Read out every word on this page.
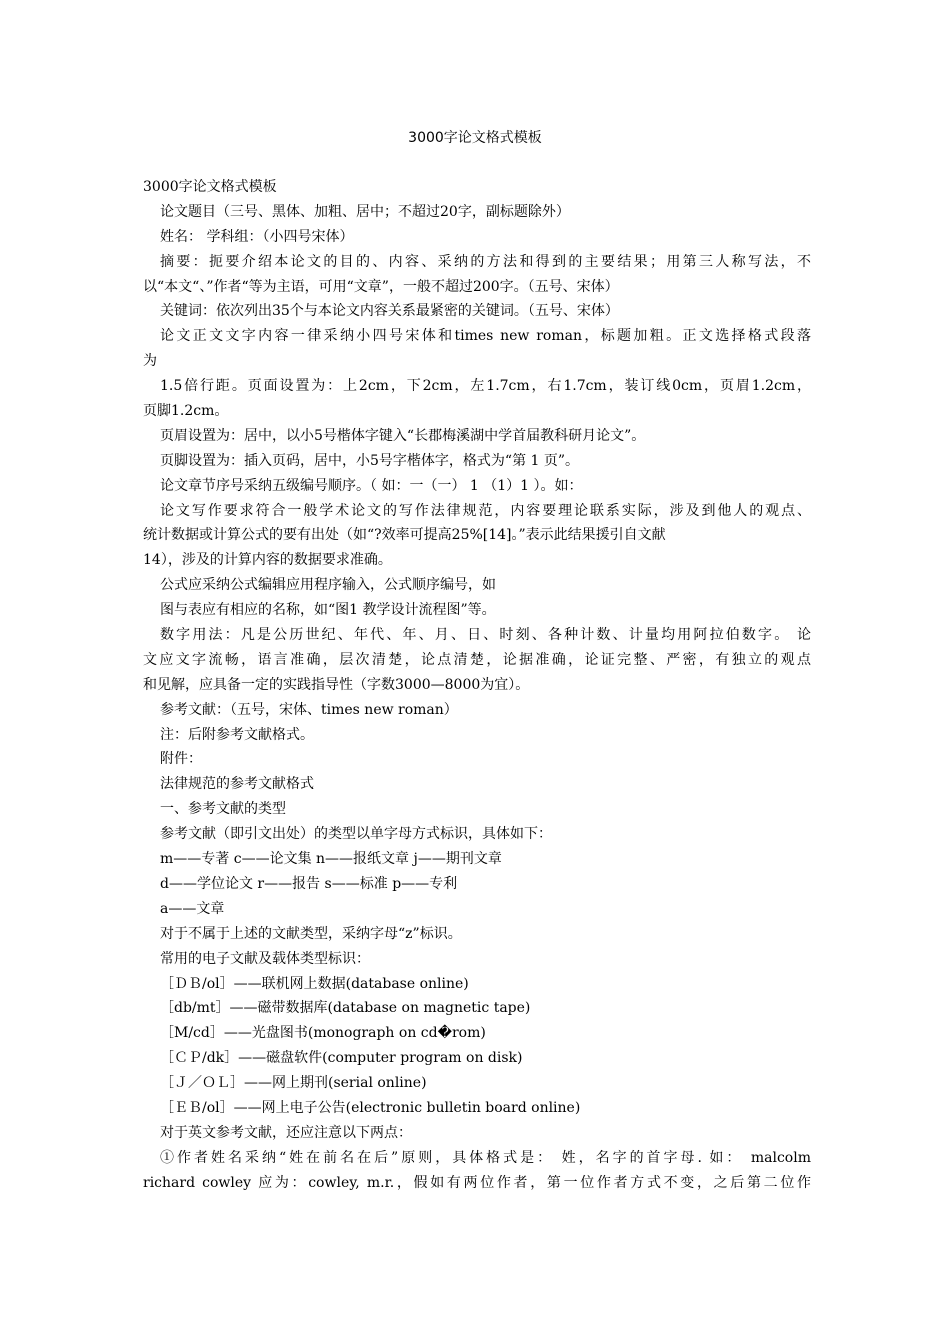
3000字论文格式模板
3000字论文格式模板
论文题目（三号、黑体、加粗、居中；不超过20字，副标题除外）
姓名： 学科组：（小四号宋体）
摘要：扼要介绍本论文的目的、内容、采纳的方法和得到的主要结果；用第三人称写法，不
以“本文“、”作者“等为主语，可用“文章”，一般不超过200字。（五号、宋体）
关键词：依次列出35个与本论文内容关系最紧密的关键词。（五号、宋体）
论文正文文字内容一律采纳小四号宋体和times new roman，标题加粗。正文选择格式段落
为
1.5倍行距。页面设置为：上2cm，下2cm，左1.7cm，右1.7cm，装订线0cm，页眉1.2cm，
页脚1.2cm。
页眉设置为：居中，以小5号楷体字键入“长郡梅溪湖中学首届教科研月论文”。
页脚设置为：插入页码，居中，小5号字楷体字，格式为“第 1 页”。
论文章节序号采纳五级编号顺序。（ 如：一（一） 1 （1）1 ）。如：
论文写作要求符合一般学术论文的写作法律规范，内容要理论联系实际，涉及到他人的观点、
统计数据或计算公式的要有出处（如“?效率可提高25%[14]。”表示此结果援引自文献
14），涉及的计算内容的数据要求准确。
公式应采纳公式编辑应用程序输入，公式顺序编号，如
图与表应有相应的名称，如“图1 教学设计流程图”等。
数字用法：凡是公历世纪、年代、年、月、日、时刻、各种计数、计量均用阿拉伯数字。 论
文应文字流畅，语言准确，层次清楚，论点清楚，论据准确，论证完整、严密，有独立的观点
和见解，应具备一定的实践指导性（字数3000—8000为宜）。
参考文献：（五号，宋体、times new roman）
注：后附参考文献格式。
附件：
法律规范的参考文献格式
一、参考文献的类型
参考文献（即引文出处）的类型以单字母方式标识，具体如下：
m——专著 c——论文集 n——报纸文章 j——期刊文章
d——学位论文 r——报告 s——标准 p——专利
a——文章
对于不属于上述的文献类型，采纳字母“z”标识。
常用的电子文献及载体类型标识：
［ＤＢ/ol］——联机网上数据(database online)
［db/mt］——磁带数据库(database on magnetic tape)
［M/cd］——光盘图书(monograph on cd�rom)
［ＣＰ/dk］——磁盘软件(computer program on disk)
［Ｊ／ＯＬ］——网上期刊(serial online)
［ＥＢ/ol］——网上电子公告(electronic bulletin board online)
对于英文参考文献，还应注意以下两点：
①作者姓名采纳“姓在前名在后”原则，具体格式是： 姓，名字的首字母. 如： malcolm
richard cowley 应为：cowley, m.r.，假如有两位作者，第一位作者方式不变，之后第二位作
